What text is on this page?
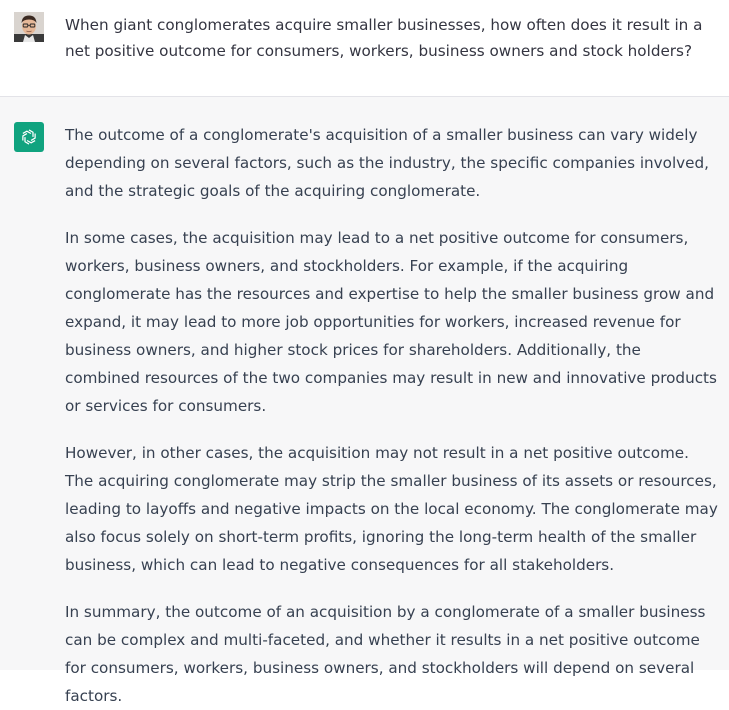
When giant conglomerates acquire smaller businesses, how often does it result in a net positive outcome for consumers, workers, business owners and stock holders?

The outcome of a conglomerate's acquisition of a smaller business can vary widely depending on several factors, such as the industry, the specific companies involved, and the strategic goals of the acquiring conglomerate.

In some cases, the acquisition may lead to a net positive outcome for consumers, workers, business owners, and stockholders. For example, if the acquiring conglomerate has the resources and expertise to help the smaller business grow and expand, it may lead to more job opportunities for workers, increased revenue for business owners, and higher stock prices for shareholders. Additionally, the combined resources of the two companies may result in new and innovative products or services for consumers.

However, in other cases, the acquisition may not result in a net positive outcome. The acquiring conglomerate may strip the smaller business of its assets or resources, leading to layoffs and negative impacts on the local economy. The conglomerate may also focus solely on short-term profits, ignoring the long-term health of the smaller business, which can lead to negative consequences for all stakeholders.

In summary, the outcome of an acquisition by a conglomerate of a smaller business can be complex and multi-faceted, and whether it results in a net positive outcome for consumers, workers, business owners, and stockholders will depend on several factors.
